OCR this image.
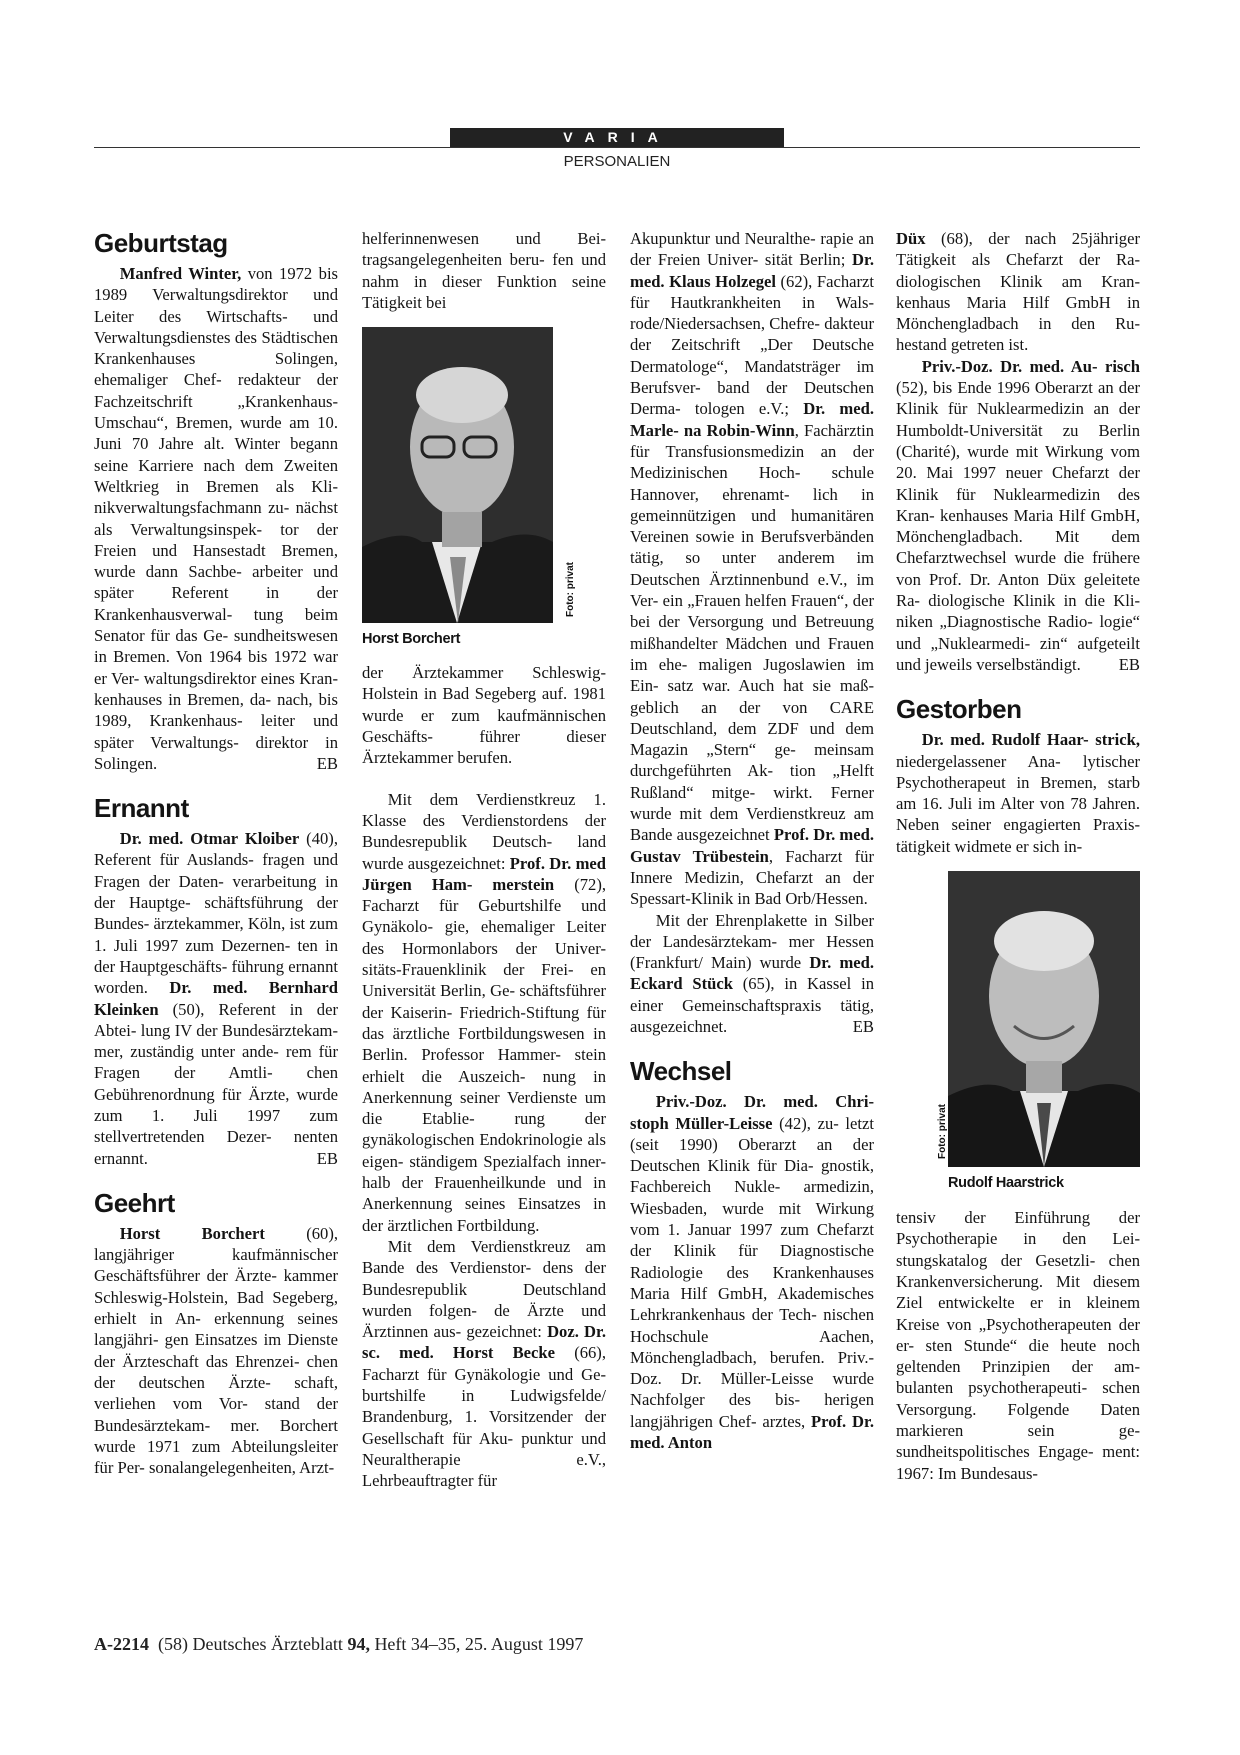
VARIA
PERSONALIEN
Geburtstag

Manfred Winter, von 1972 bis 1989 Verwaltungsdirektor und Leiter des Wirtschafts- und Verwaltungsdienstes des Städtischen Krankenhauses Solingen, ehemaliger Chef- redakteur der Fachzeitschrift „Krankenhaus-Umschau“, Bremen, wurde am 10. Juni 70 Jahre alt. Winter begann seine Karriere nach dem Zweiten Weltkrieg in Bremen als Kli- nikverwaltungsfachmann zu- nächst als Verwaltungsinspek- tor der Freien und Hansestadt Bremen, wurde dann Sachbe- arbeiter und später Referent in der Krankenhausverwal- tung beim Senator für das Ge- sundheitswesen in Bremen. Von 1964 bis 1972 war er Ver- waltungsdirektor eines Kran- kenhauses in Bremen, da- nach, bis 1989, Krankenhaus- leiter und später Verwaltungs- direktor in Solingen.	EB

Ernannt

Dr. med. Otmar Kloiber (40), Referent für Auslands- fragen und Fragen der Daten- verarbeitung in der Hauptge- schäftsführung der Bundes- ärztekammer, Köln, ist zum 1. Juli 1997 zum Dezernen- ten in der Hauptgeschäfts- führung ernannt worden. Dr. med. Bernhard Kleinken (50), Referent in der Abtei- lung IV der Bundesärztekam- mer, zuständig unter ande- rem für Fragen der Amtli- chen Gebührenordnung für Ärzte, wurde zum 1. Juli 1997 zum stellvertretenden Dezer- nenten ernannt.	EB

Geehrt

Horst Borchert (60), langjähriger kaufmännischer Geschäftsführer der Ärzte- kammer Schleswig-Holstein, Bad Segeberg, erhielt in An- erkennung seines langjähri- gen Einsatzes im Dienste der Ärzteschaft das Ehrenzei- chen der deutschen Ärzte- schaft, verliehen vom Vor- stand der Bundesärztekam- mer. Borchert wurde 1971 zum Abteilungsleiter für Per- sonalangelegenheiten, Arzt-

helferinnenwesen und Bei- tragsangelegenheiten beru- fen und nahm in dieser Funktion seine Tätigkeit bei

Foto: privat
Horst Borchert

der Ärztekammer Schleswig- Holstein in Bad Segeberg auf. 1981 wurde er zum kaufmännischen Geschäfts- führer dieser Ärztekammer berufen.

Mit dem Verdienstkreuz 1. Klasse des Verdienstordens der Bundesrepublik Deutsch- land wurde ausgezeichnet: Prof. Dr. med Jürgen Ham- merstein (72), Facharzt für Geburtshilfe und Gynäkolo- gie, ehemaliger Leiter des Hormonlabors der Univer- sitäts-Frauenklinik der Frei- en Universität Berlin, Ge- schäftsführer der Kaiserin- Friedrich-Stiftung für das ärztliche Fortbildungswesen in Berlin. Professor Hammer- stein erhielt die Auszeich- nung in Anerkennung seiner Verdienste um die Etablie- rung der gynäkologischen Endokrinologie als eigen- ständigem Spezialfach inner- halb der Frauenheilkunde und in Anerkennung seines Einsatzes in der ärztlichen Fortbildung.

Mit dem Verdienstkreuz am Bande des Verdienstor- dens der Bundesrepublik Deutschland wurden folgen- de Ärzte und Ärztinnen aus- gezeichnet: Doz. Dr. sc. med. Horst Becke (66), Facharzt für Gynäkologie und Ge- burtshilfe in Ludwigsfelde/ Brandenburg, 1. Vorsitzender der Gesellschaft für Aku- punktur und Neuraltherapie e.V., Lehrbeauftragter für

Akupunktur und Neuralthe- rapie an der Freien Univer- sität Berlin; Dr. med. Klaus Holzegel (62), Facharzt für Hautkrankheiten in Wals- rode/Niedersachsen, Chefre- dakteur der Zeitschrift „Der Deutsche Dermatologe“, Mandatsträger im Berufsver- band der Deutschen Derma- tologen e.V.; Dr. med. Marle- na Robin-Winn, Fachärztin für Transfusionsmedizin an der Medizinischen Hoch- schule Hannover, ehrenamt- lich in gemeinnützigen und humanitären Vereinen sowie in Berufsverbänden tätig, so unter anderem im Deutschen Ärztinnenbund e.V., im Ver- ein „Frauen helfen Frauen“, der bei der Versorgung und Betreuung mißhandelter Mädchen und Frauen im ehe- maligen Jugoslawien im Ein- satz war. Auch hat sie maß- geblich an der von CARE Deutschland, dem ZDF und dem Magazin „Stern“ ge- meinsam durchgeführten Ak- tion „Helft Rußland“ mitge- wirkt. Ferner wurde mit dem Verdienstkreuz am Bande ausgezeichnet Prof. Dr. med. Gustav Trübestein, Facharzt für Innere Medizin, Chefarzt an der Spessart-Klinik in Bad Orb/Hessen.

Mit der Ehrenplakette in Silber der Landesärztekam- mer Hessen (Frankfurt/ Main) wurde Dr. med. Eckard Stück (65), in Kassel in einer Gemeinschaftspraxis tätig, ausgezeichnet.	EB

Wechsel

Priv.-Doz. Dr. med. Chri- stoph Müller-Leisse (42), zu- letzt (seit 1990) Oberarzt an der Deutschen Klinik für Dia- gnostik, Fachbereich Nukle- armedizin, Wiesbaden, wurde mit Wirkung vom 1. Januar 1997 zum Chefarzt der Klinik für Diagnostische Radiologie des Krankenhauses Maria Hilf GmbH, Akademisches Lehrkrankenhaus der Tech- nischen Hochschule Aachen, Mönchengladbach, berufen. Priv.-Doz. Dr. Müller-Leisse wurde Nachfolger des bis- herigen langjährigen Chef- arztes, Prof. Dr. med. Anton

Düx (68), der nach 25jähriger Tätigkeit als Chefarzt der Ra- diologischen Klinik am Kran- kenhaus Maria Hilf GmbH in Mönchengladbach in den Ru- hestand getreten ist.

Priv.-Doz. Dr. med. Au- risch (52), bis Ende 1996 Oberarzt an der Klinik für Nuklearmedizin an der Humboldt-Universität zu Berlin (Charité), wurde mit Wirkung vom 20. Mai 1997 neuer Chefarzt der Klinik für Nuklearmedizin des Kran- kenhauses Maria Hilf GmbH, Mönchengladbach. Mit dem Chefarztwechsel wurde die frühere von Prof. Dr. Anton Düx geleitete Ra- diologische Klinik in die Kli- niken „Diagnostische Radio- logie“ und „Nuklearmedi- zin“ aufgeteilt und jeweils verselbständigt.	EB

Gestorben

Dr. med. Rudolf Haar- strick, niedergelassener Ana- lytischer Psychotherapeut in Bremen, starb am 16. Juli im Alter von 78 Jahren. Neben seiner engagierten Praxis- tätigkeit widmete er sich in-

Foto: privat
Rudolf Haarstrick

tensiv der Einführung der Psychotherapie in den Lei- stungskatalog der Gesetzli- chen Krankenversicherung. Mit diesem Ziel entwickelte er in kleinem Kreise von „Psychotherapeuten der er- sten Stunde“ die heute noch geltenden Prinzipien der am- bulanten psychotherapeuti- schen Versorgung. Folgende Daten markieren sein ge- sundheitspolitisches Engage- ment: 1967: Im Bundesaus-

A-2214 (58) Deutsches Ärzteblatt 94, Heft 34–35, 25. August 1997
